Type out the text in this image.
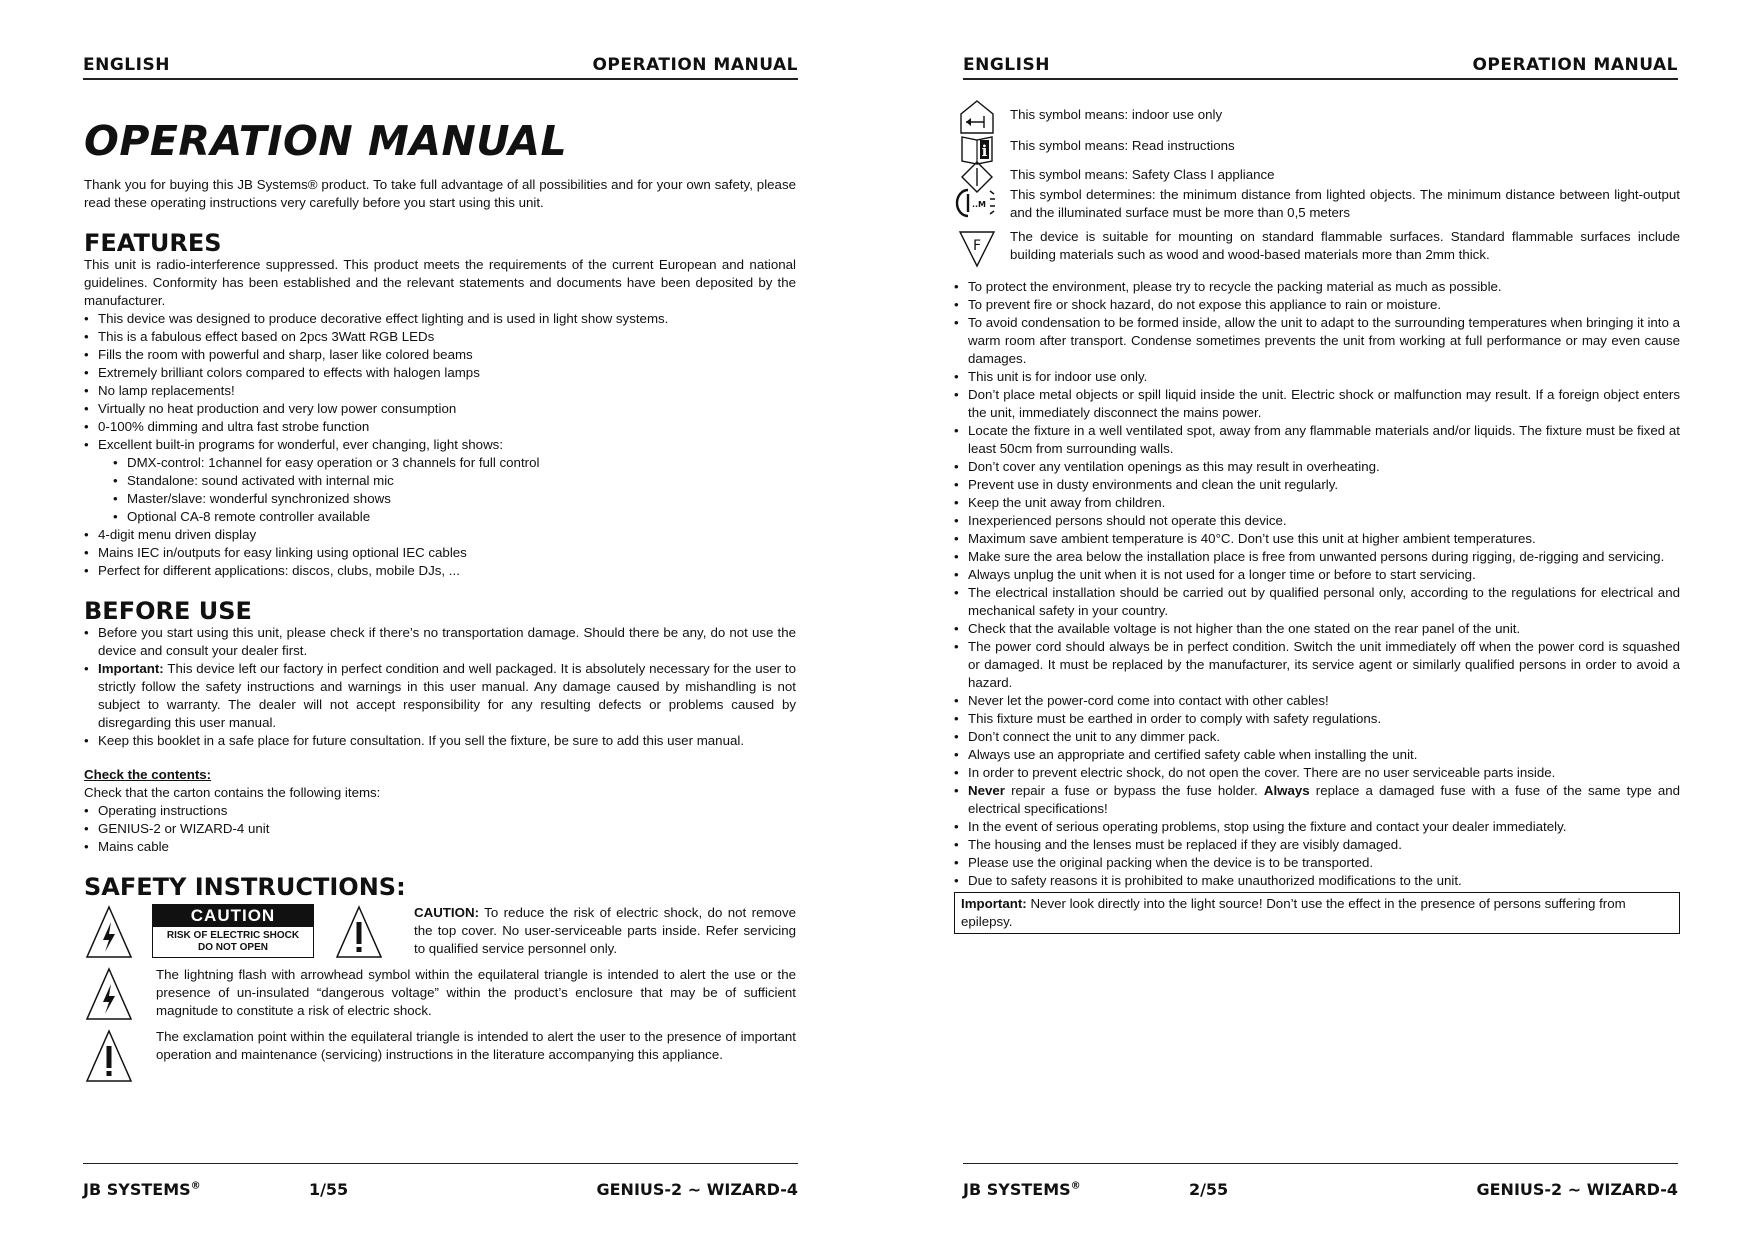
ENGLISH	OPERATION MANUAL
OPERATION MANUAL

Thank you for buying this JB Systems® product. To take full advantage of all possibilities and for your own safety, please read these operating instructions very carefully before you start using this unit.

FEATURES

This unit is radio-interference suppressed. This product meets the requirements of the current European and national guidelines. Conformity has been established and the relevant statements and documents have been deposited by the manufacturer.

• This device was designed to produce decorative effect lighting and is used in light show systems.
• This is a fabulous effect based on 2pcs 3Watt RGB LEDs
• Fills the room with powerful and sharp, laser like colored beams
• Extremely brilliant colors compared to effects with halogen lamps
• No lamp replacements!
• Virtually no heat production and very low power consumption
• 0-100% dimming and ultra fast strobe function
• Excellent built-in programs for wonderful, ever changing, light shows:
• DMX-control: 1channel for easy operation or 3 channels for full control
• Standalone: sound activated with internal mic
• Master/slave: wonderful synchronized shows
• Optional CA-8 remote controller available
• 4-digit menu driven display
• Mains IEC in/outputs for easy linking using optional IEC cables
• Perfect for different applications: discos, clubs, mobile DJs, ...
BEFORE USE
• Before you start using this unit, please check if there’s no transportation damage. Should there be any, do not use the device and consult your dealer first.
• Important: This device left our factory in perfect condition and well packaged. It is absolutely necessary for the user to strictly follow the safety instructions and warnings in this user manual. Any damage caused by mishandling is not subject to warranty. The dealer will not accept responsibility for any resulting defects or problems caused by disregarding this user manual.
• Keep this booklet in a safe place for future consultation. If you sell the fixture, be sure to add this user manual.
Check the contents:

Check that the carton contains the following items:

• Operating instructions
• GENIUS-2 or WIZARD-4 unit
• Mains cable
SAFETY INSTRUCTIONS:
CAUTION
RISK OF ELECTRIC SHOCK
DO NOT OPEN

CAUTION: To reduce the risk of electric shock, do not remove the top cover. No user-serviceable parts inside. Refer servicing to qualified service personnel only.

The lightning flash with arrowhead symbol within the equilateral triangle is intended to alert the use or the presence of un-insulated “dangerous voltage” within the product’s enclosure that may be of sufficient magnitude to constitute a risk of electric shock.
The exclamation point within the equilateral triangle is intended to alert the user to the presence of important operation and maintenance (servicing) instructions in the literature accompanying this appliance.
JB SYSTEMS®	1/55	GENIUS-2 ~ WIZARD-4
ENGLISH	OPERATION MANUAL
This symbol means: indoor use only
i This symbol means: Read instructions
This symbol means: Safety Class I appliance
..M
This symbol determines: the minimum distance from lighted objects. The minimum distance between light-output and the illuminated surface must be more than 0,5 meters
F
The device is suitable for mounting on standard flammable surfaces. Standard flammable surfaces include building materials such as wood and wood-based materials more than 2mm thick.
• To protect the environment, please try to recycle the packing material as much as possible.
• To prevent fire or shock hazard, do not expose this appliance to rain or moisture.
• To avoid condensation to be formed inside, allow the unit to adapt to the surrounding temperatures when bringing it into a warm room after transport. Condense sometimes prevents the unit from working at full performance or may even cause damages.
• This unit is for indoor use only.
• Don’t place metal objects or spill liquid inside the unit. Electric shock or malfunction may result. If a foreign object enters the unit, immediately disconnect the mains power.
• Locate the fixture in a well ventilated spot, away from any flammable materials and/or liquids. The fixture must be fixed at least 50cm from surrounding walls.
• Don’t cover any ventilation openings as this may result in overheating.
• Prevent use in dusty environments and clean the unit regularly.
• Keep the unit away from children.
• Inexperienced persons should not operate this device.
• Maximum save ambient temperature is 40°C. Don’t use this unit at higher ambient temperatures.
• Make sure the area below the installation place is free from unwanted persons during rigging, de-rigging and servicing.
• Always unplug the unit when it is not used for a longer time or before to start servicing.
• The electrical installation should be carried out by qualified personal only, according to the regulations for electrical and mechanical safety in your country.
• Check that the available voltage is not higher than the one stated on the rear panel of the unit.
• The power cord should always be in perfect condition. Switch the unit immediately off when the power cord is squashed or damaged. It must be replaced by the manufacturer, its service agent or similarly qualified persons in order to avoid a hazard.
• Never let the power-cord come into contact with other cables!
• This fixture must be earthed in order to comply with safety regulations.
• Don’t connect the unit to any dimmer pack.
• Always use an appropriate and certified safety cable when installing the unit.
• In order to prevent electric shock, do not open the cover. There are no user serviceable parts inside.
• Never repair a fuse or bypass the fuse holder. Always replace a damaged fuse with a fuse of the same type and electrical specifications!
• In the event of serious operating problems, stop using the fixture and contact your dealer immediately.
• The housing and the lenses must be replaced if they are visibly damaged.
• Please use the original packing when the device is to be transported.
• Due to safety reasons it is prohibited to make unauthorized modifications to the unit.
Important: Never look directly into the light source! Don’t use the effect in the presence of persons suffering from epilepsy.
JB SYSTEMS®	2/55	GENIUS-2 ~ WIZARD-4
